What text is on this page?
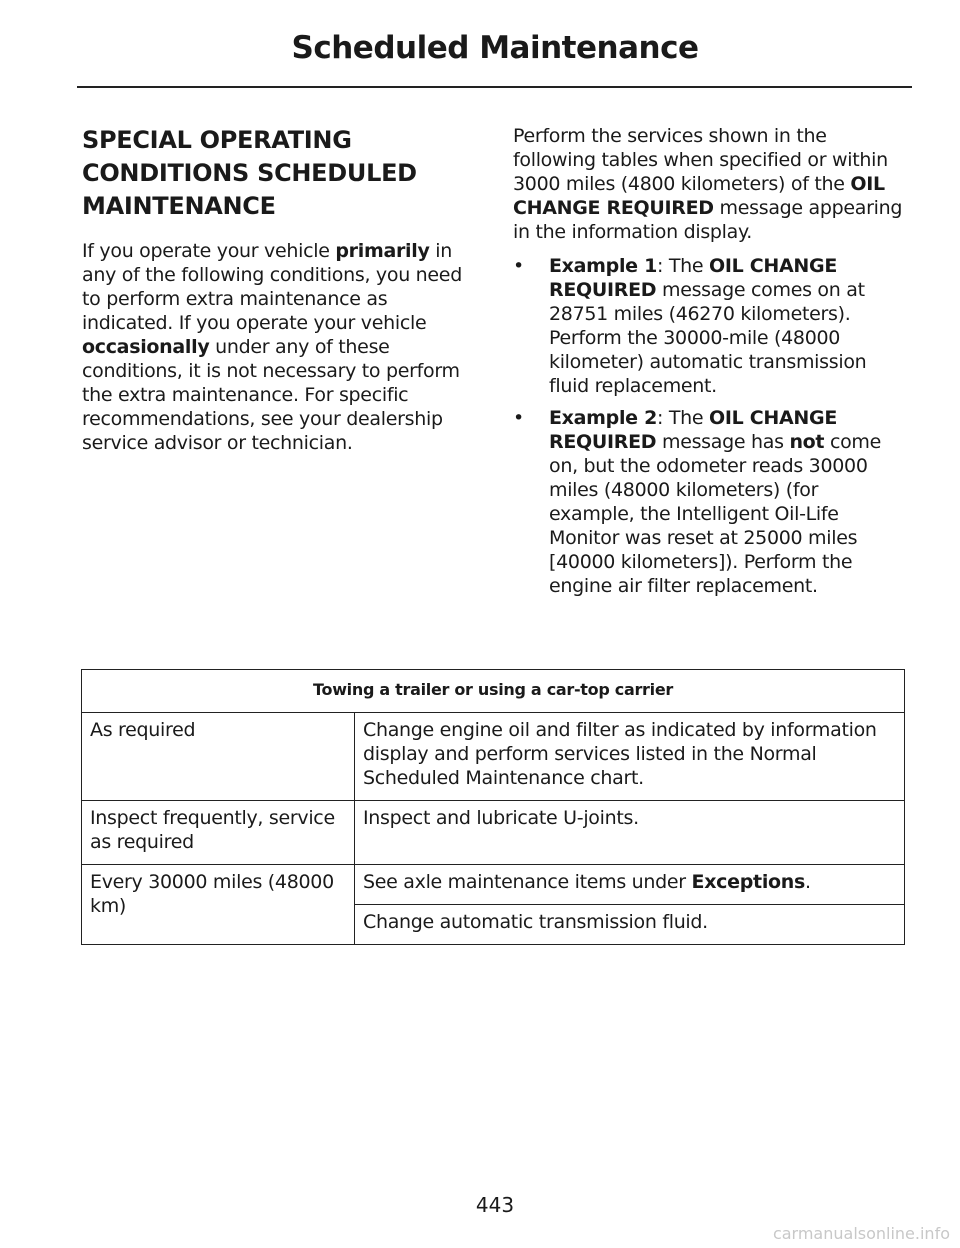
Scheduled Maintenance
SPECIAL OPERATING
CONDITIONS SCHEDULED
MAINTENANCE

If you operate your vehicle primarily in any of the following conditions, you need to perform extra maintenance as indicated. If you operate your vehicle occasionally under any of these conditions, it is not necessary to perform the extra maintenance. For specific recommendations, see your dealership service advisor or technician.

Perform the services shown in the following tables when specified or within 3000 miles (4800 kilometers) of the OIL CHANGE REQUIRED message appearing in the information display.

•	Example 1: The OIL CHANGE REQUIRED message comes on at 28751 miles (46270 kilometers). Perform the 30000-mile (48000 kilometer) automatic transmission fluid replacement.
•	Example 2: The OIL CHANGE REQUIRED message has not come on, but the odometer reads 30000 miles (48000 kilometers) (for example, the Intelligent Oil-Life Monitor was reset at 25000 miles [40000 kilometers]). Perform the engine air filter replacement.
Towing a trailer or using a car-top carrier	
As required	Change engine oil and filter as indicated by information display and perform services listed in the Normal Scheduled Maintenance chart.
Inspect frequently, service as required	Inspect and lubricate U-joints.
Every 30000 miles (48000 km)	See axle maintenance items under Exceptions.
	Change automatic transmission fluid.
443
carmanualsonline.info
